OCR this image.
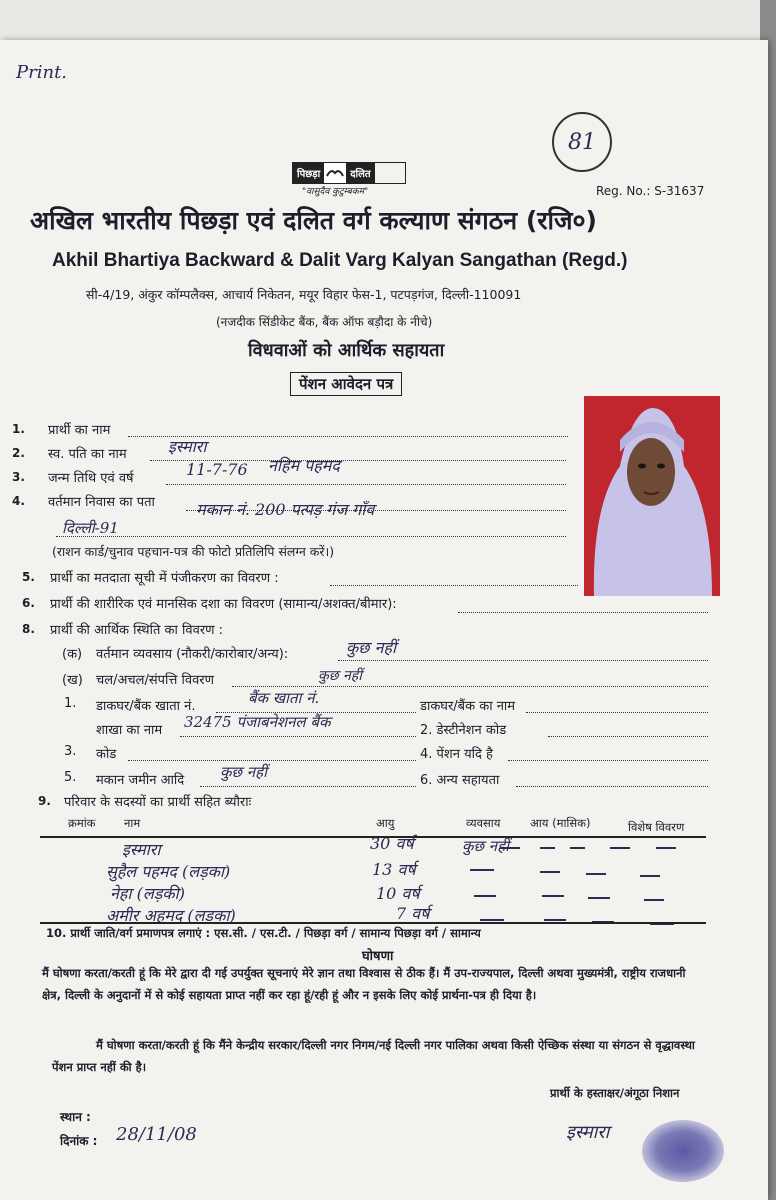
Print.
81
पिछड़ा	दलित
"वासुदैव कुटुम्बकम"	Reg. No.: S-31637
अखिल भारतीय पिछड़ा एवं दलित वर्ग कल्याण संगठन (रजि०)
Akhil Bhartiya Backward & Dalit Varg Kalyan Sangathan (Regd.)
सी-4/19, अंकुर कॉम्पलैक्स, आचार्य निकेतन, मयूर विहार फेस-1, पटपड़गंज, दिल्ली-110091
(नजदीक सिंडीकेट बैंक, बैंक ऑफ बड़ौदा के नीचे)
विधवाओं को आर्थिक सहायता
पेंशन आवेदन पत्र
1. प्रार्थी का नाम
2. स्व. पति का नाम	इस्मारा
3. जन्म तिथि एवं वर्ष	11-7-76 नहिम पहमद
4. वर्तमान निवास का पता	मकान नं. 200 पत्पड़ गंज गाँव
दिल्ली-91
(राशन कार्ड/चुनाव पहचान-पत्र की फोटो प्रतिलिपि संलग्न करें।)
5. प्रार्थी का मतदाता सूची में पंजीकरण का विवरण :
6. प्रार्थी की शारीरिक एवं मानसिक दशा का विवरण (सामान्य/अशक्त/बीमार):
8. प्रार्थी की आर्थिक स्थिति का विवरण :
(क) वर्तमान व्यवसाय (नौकरी/कारोबार/अन्य):	कुछ नहीं
(ख) चल/अचल/संपत्ति विवरण	कुछ नहीं
1. डाकघर/बैंक खाता नं.	बैंक खाता नं.	डाकघर/बैंक का नाम
शाखा का नाम 32475 पंजाबनेशनल बैंक	2. डेस्टीनेशन कोड
3. कोड	4. पेंशन यदि है
5. मकान जमीन आदि कुछ नहीं	6. अन्य सहायता
9. परिवार के सदस्यों का प्रार्थी सहित ब्यौराः
क्रमांक नाम	आयु	व्यवसाय	आय (मासिक)	विशेष विवरण
इस्मारा	30 वर्ष	कुछ नहीं
सुहैल पहमद (लड़का)	13 वर्ष
नेहा (लड़की)	10 वर्ष
अमीर अहमद (लड़का)	7 वर्ष
10. प्रार्थी जाति/वर्ग प्रमाणपत्र लगाएं : एस.सी. / एस.टी. / पिछड़ा वर्ग / सामान्य पिछड़ा वर्ग / सामान्य
घोषणा
मैं घोषणा करता/करती हूं कि मेरे द्वारा दी गई उपर्युक्त सूचनाएं मेरे ज्ञान तथा विश्वास से ठीक हैं। मैं उप-राज्यपाल, दिल्ली अथवा मुख्यमंत्री, राष्ट्रीय राजधानी क्षेत्र, दिल्ली के अनुदानों में से कोई सहायता प्राप्त नहीं कर रहा हूं/रही हूं और न इसके लिए कोई प्रार्थना-पत्र ही दिया है।
मैं घोषणा करता/करती हूं कि मैंने केन्द्रीय सरकार/दिल्ली नगर निगम/नई दिल्ली नगर पालिका अथवा किसी ऐच्छिक संस्था या संगठन से वृद्धावस्था पेंशन प्राप्त नहीं की है।
प्रार्थी के हस्ताक्षर/अंगूठा निशान
स्थान :
दिनांक : 28/11/08	इस्मारा
